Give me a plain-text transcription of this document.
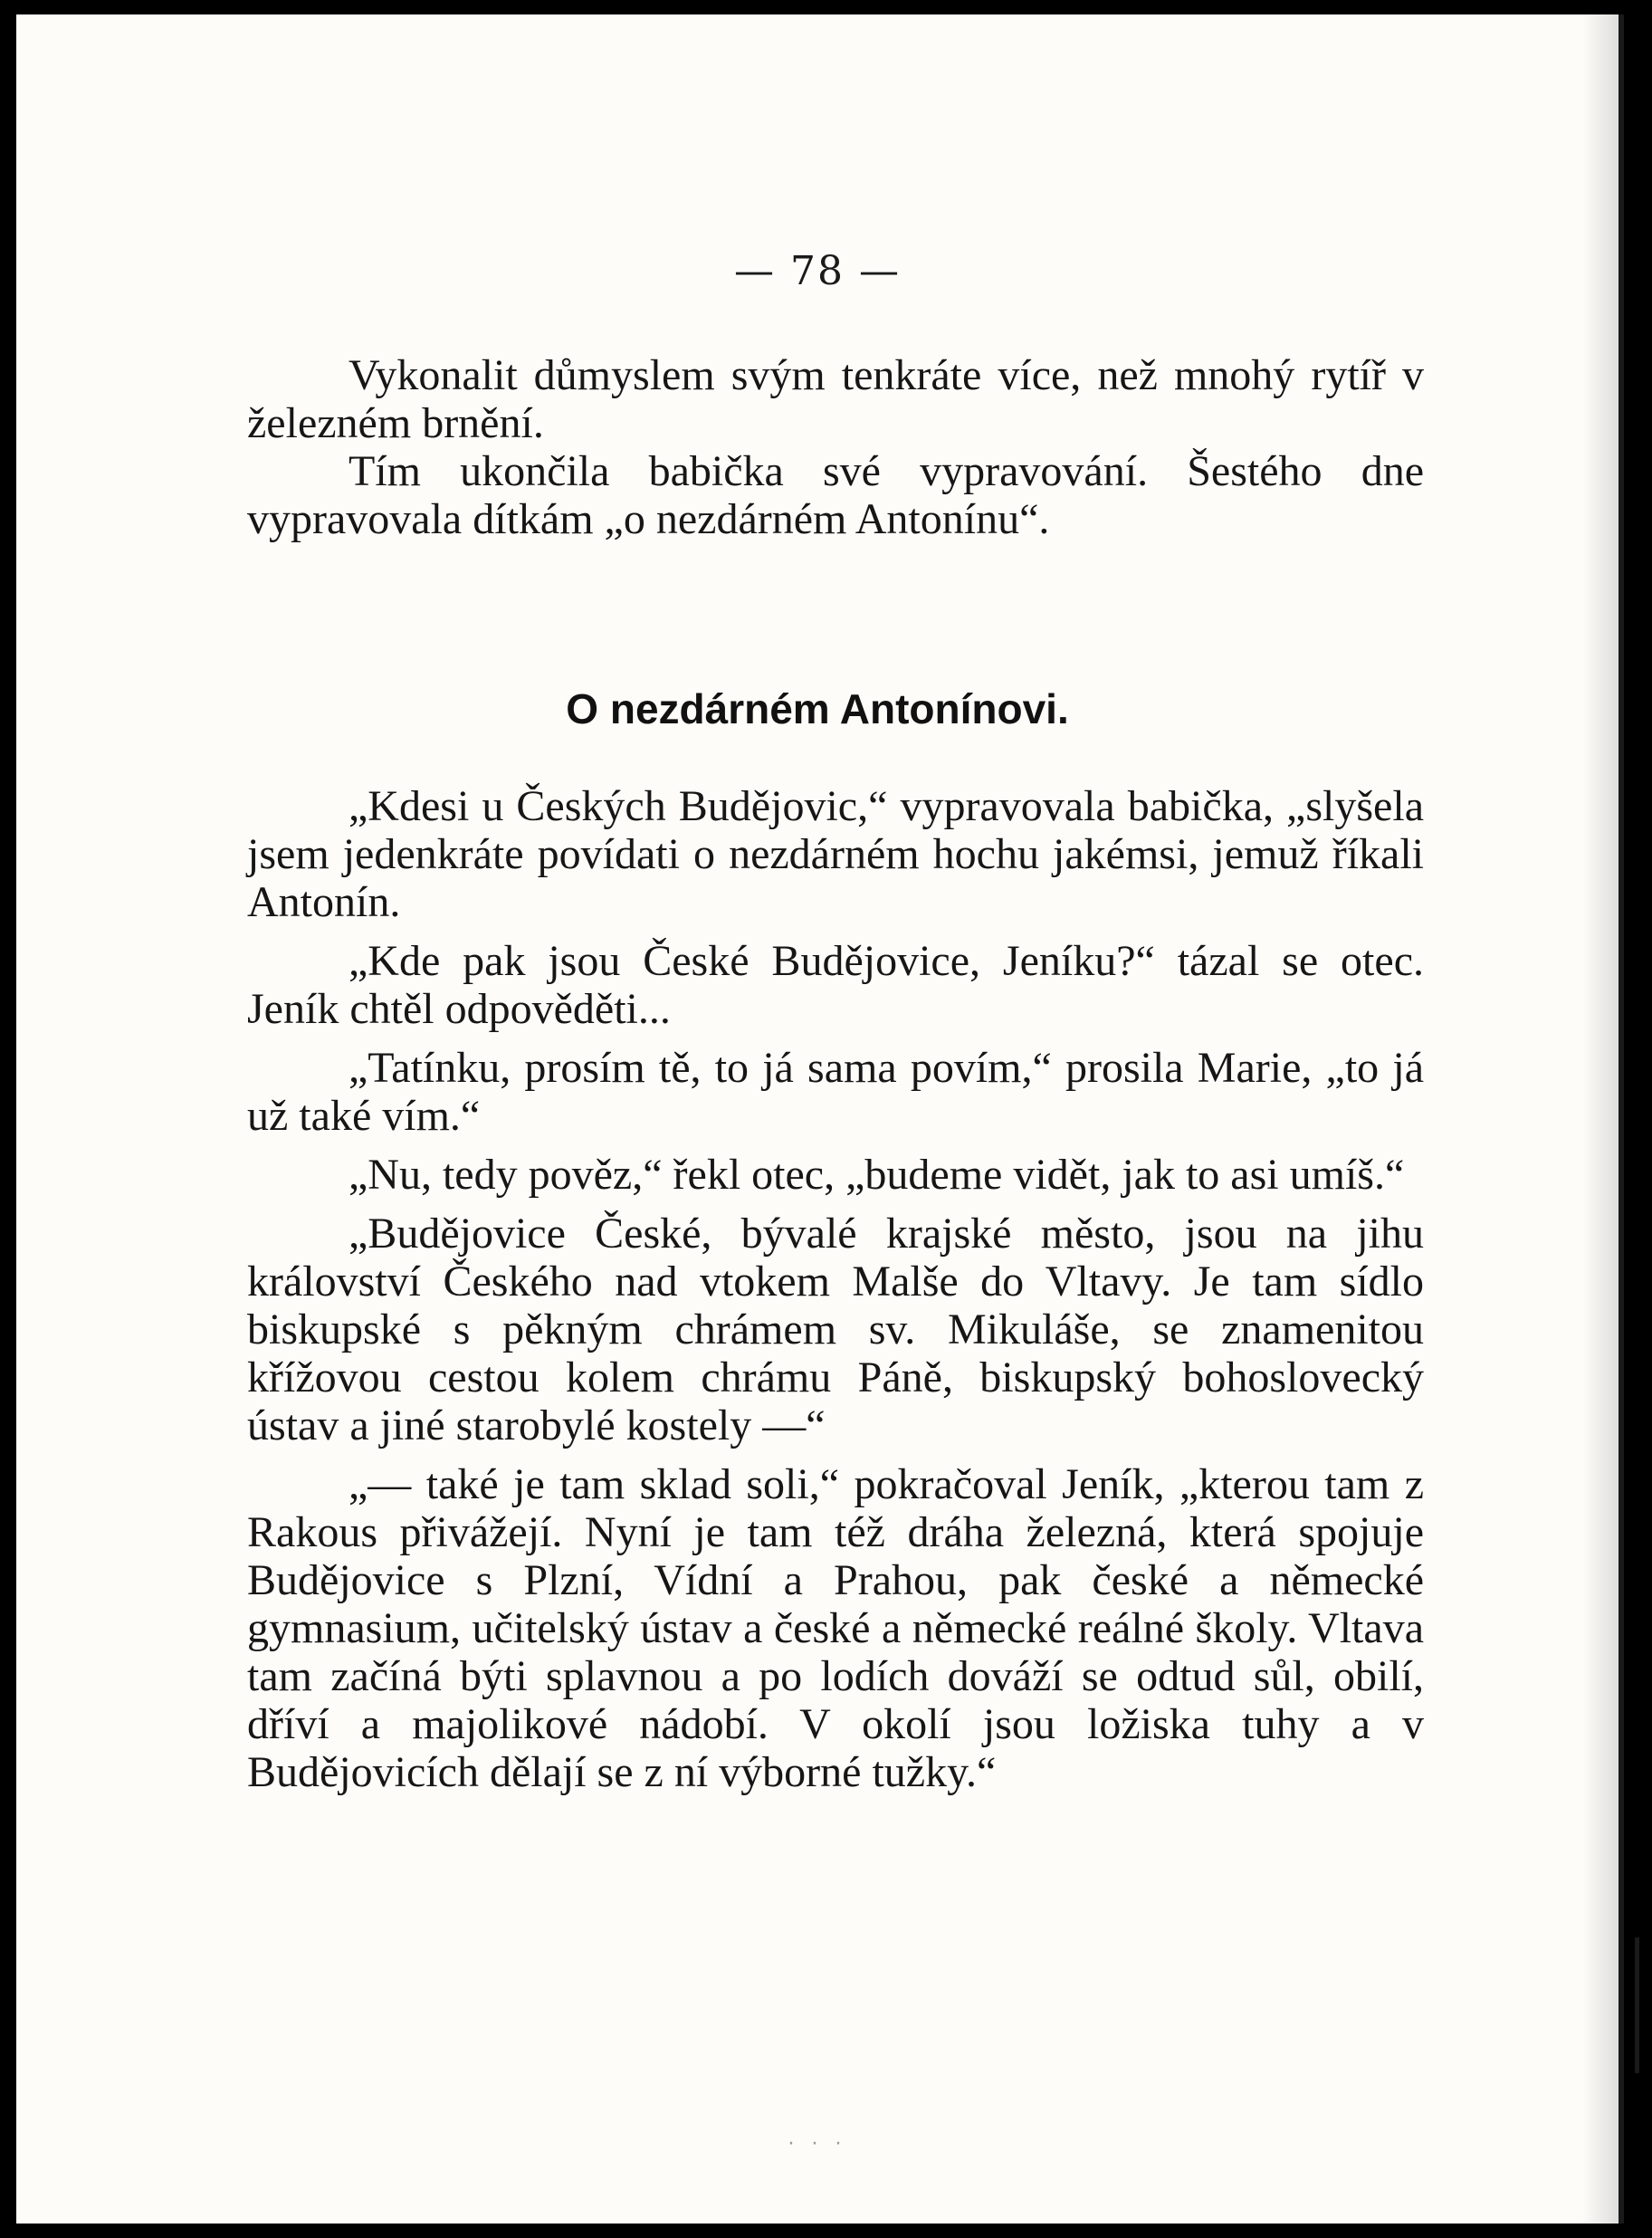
— 78 —

Vykonalit důmyslem svým tenkráte více, než mnohý rytíř v železném brnění.

Tím ukončila babička své vypravování. Šestého dne vypravovala dítkám „o nezdárném Antonínu“.

O nezdárném Antonínovi.

„Kdesi u Českých Budějovic,“ vypravovala babička, „slyšela jsem jedenkráte povídati o nezdárném hochu jakémsi, jemuž říkali Antonín.

„Kde pak jsou České Budějovice, Jeníku?“ tázal se otec. Jeník chtěl odpověděti...

„Tatínku, prosím tě, to já sama povím,“ prosila Marie, „to já už také vím.“

„Nu, tedy pověz,“ řekl otec, „budeme vidět, jak to asi umíš.“

„Budějovice České, bývalé krajské město, jsou na jihu království Českého nad vtokem Malše do Vltavy. Je tam sídlo biskupské s pěkným chrámem sv. Mikuláše, se znamenitou křížovou cestou kolem chrámu Páně, biskupský bohoslovecký ústav a jiné starobylé kostely —“

„— také je tam sklad soli,“ pokračoval Jeník, „kterou tam z Rakous přivážejí. Nyní je tam též dráha železná, která spojuje Budějovice s Plzní, Vídní a Prahou, pak české a německé gymnasium, učitelský ústav a české a německé reálné školy. Vltava tam začíná býti splavnou a po lodích dováží se odtud sůl, obilí, dříví a majolikové nádobí. V okolí jsou ložiska tuhy a v Budějovicích dělají se z ní výborné tužky.“

· · ·
